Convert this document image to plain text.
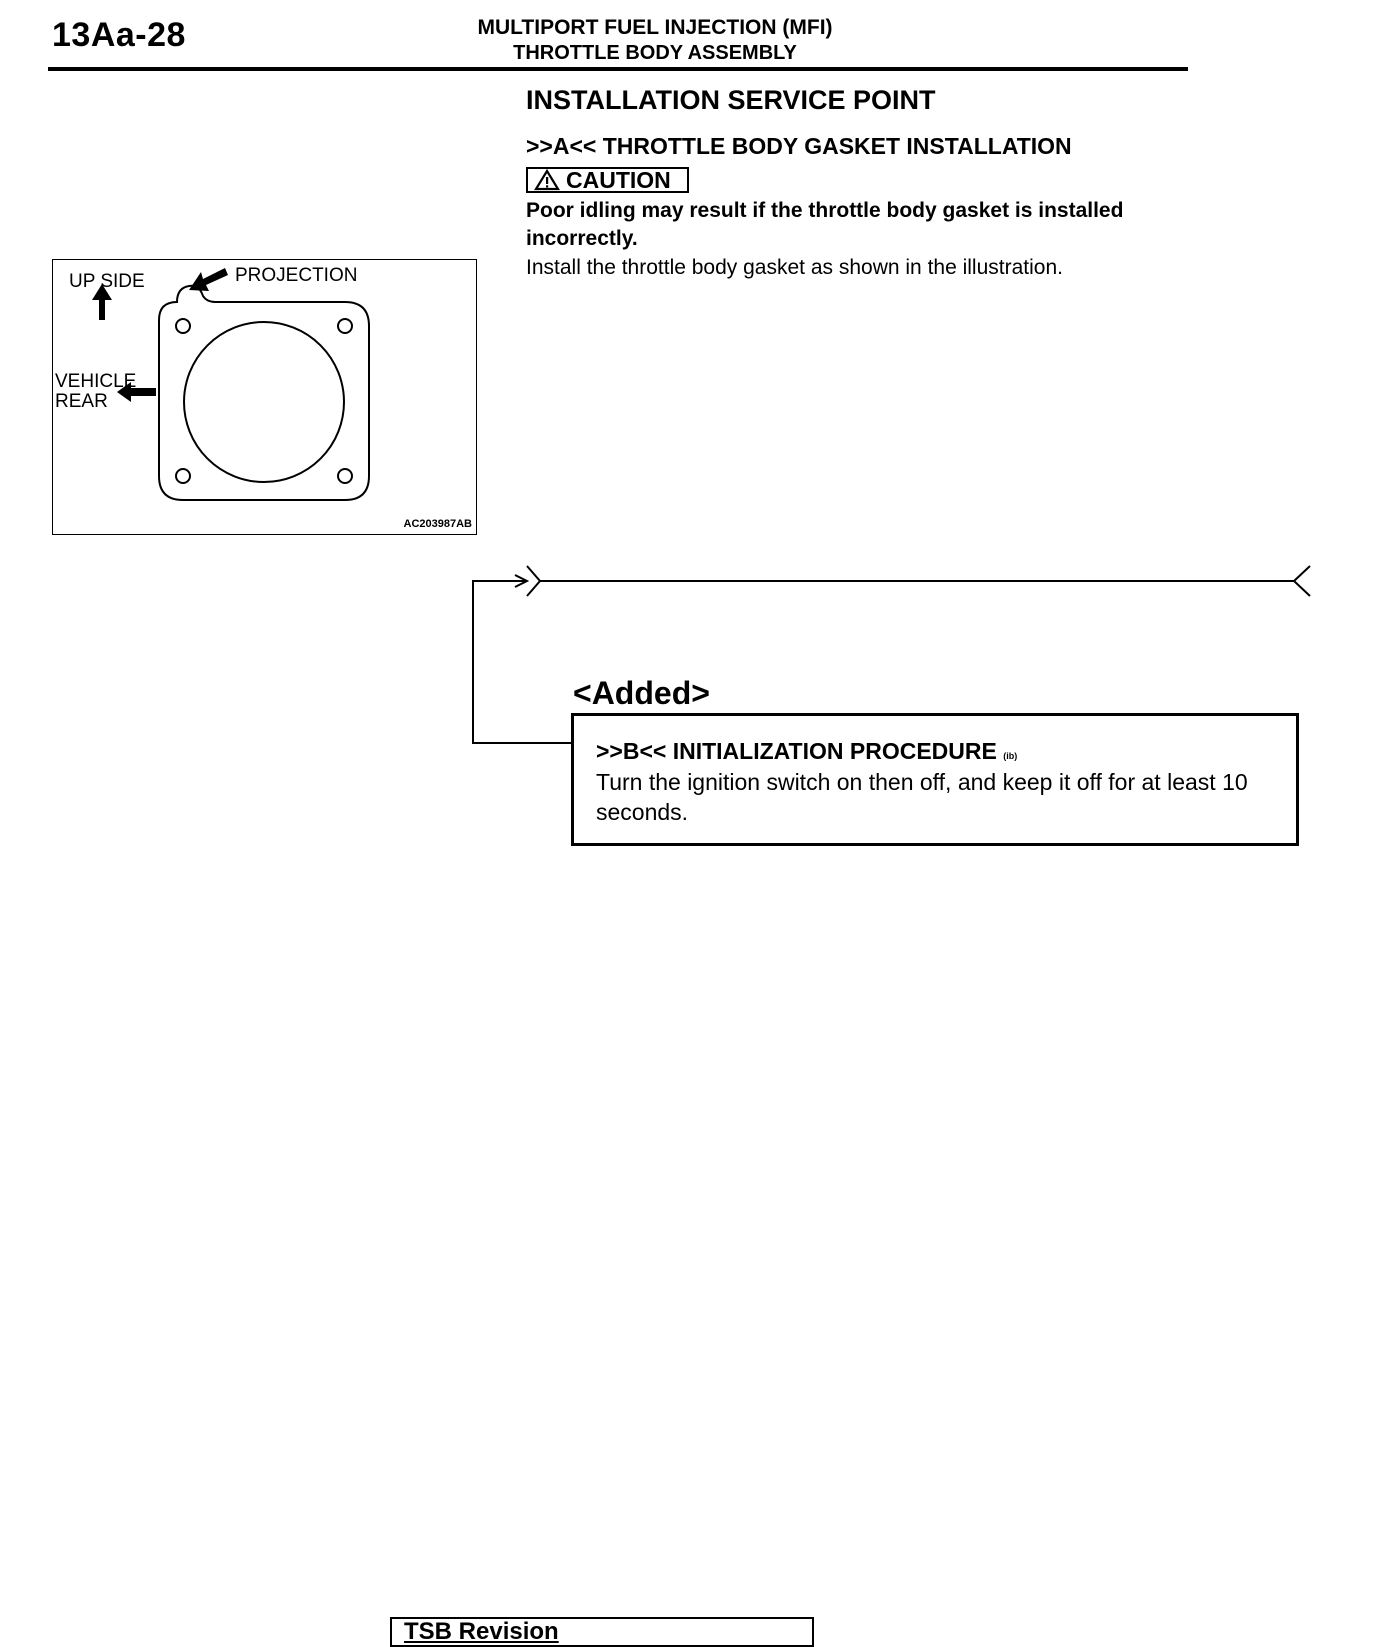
13Aa-28	MULTIPORT FUEL INJECTION (MFI)
THROTTLE BODY ASSEMBLY
INSTALLATION SERVICE POINT
>>A<< THROTTLE BODY GASKET INSTALLATION
CAUTION
Poor idling may result if the throttle body gasket is installed incorrectly.
Install the throttle body gasket as shown in the illustration.
UP SIDE	PROJECTION
VEHICLE
REAR
AC203987AB
<Added>
>>B<< INITIALIZATION PROCEDURE (ib)
Turn the ignition switch on then off, and keep it off for at least 10 seconds.
TSB Revision
